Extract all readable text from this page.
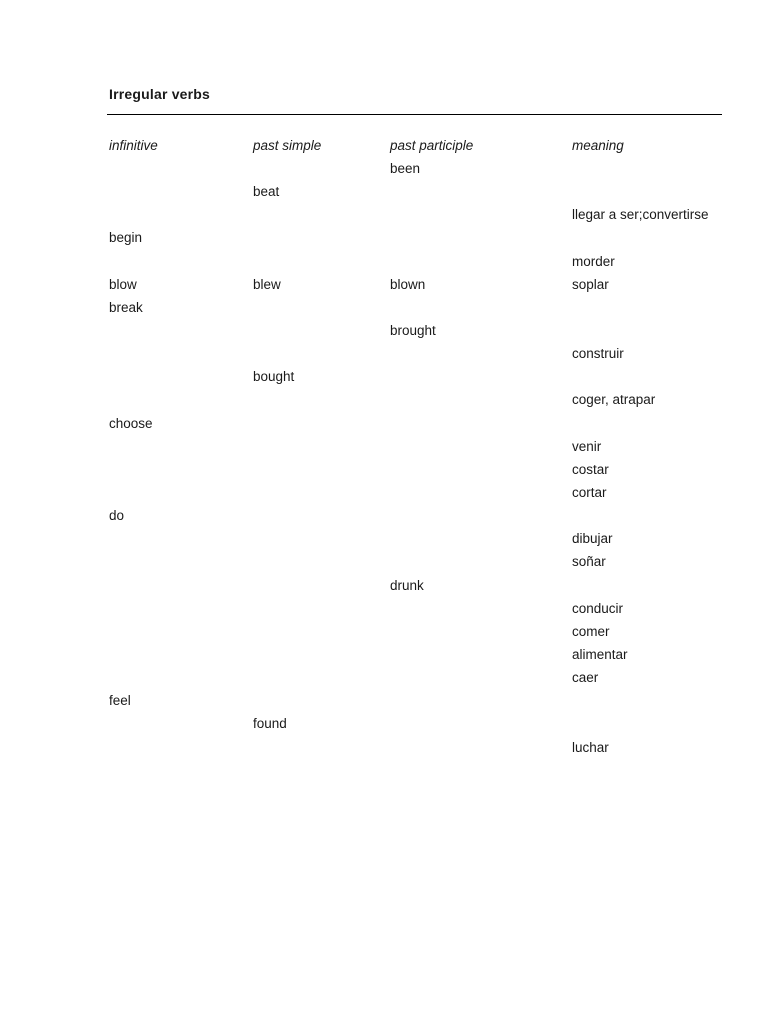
Irregular verbs
infinitive	past simple	past participle	meaning
		been	
	beat		
			llegar a ser;convertirse
begin			
			morder
blow	blew	blown	soplar
break			
		brought	
			construir
	bought		
			coger, atrapar
choose			
			venir
			costar
			cortar
do			
			dibujar
			soñar
		drunk	
			conducir
			comer
			alimentar
			caer
feel			
	found		
			luchar
